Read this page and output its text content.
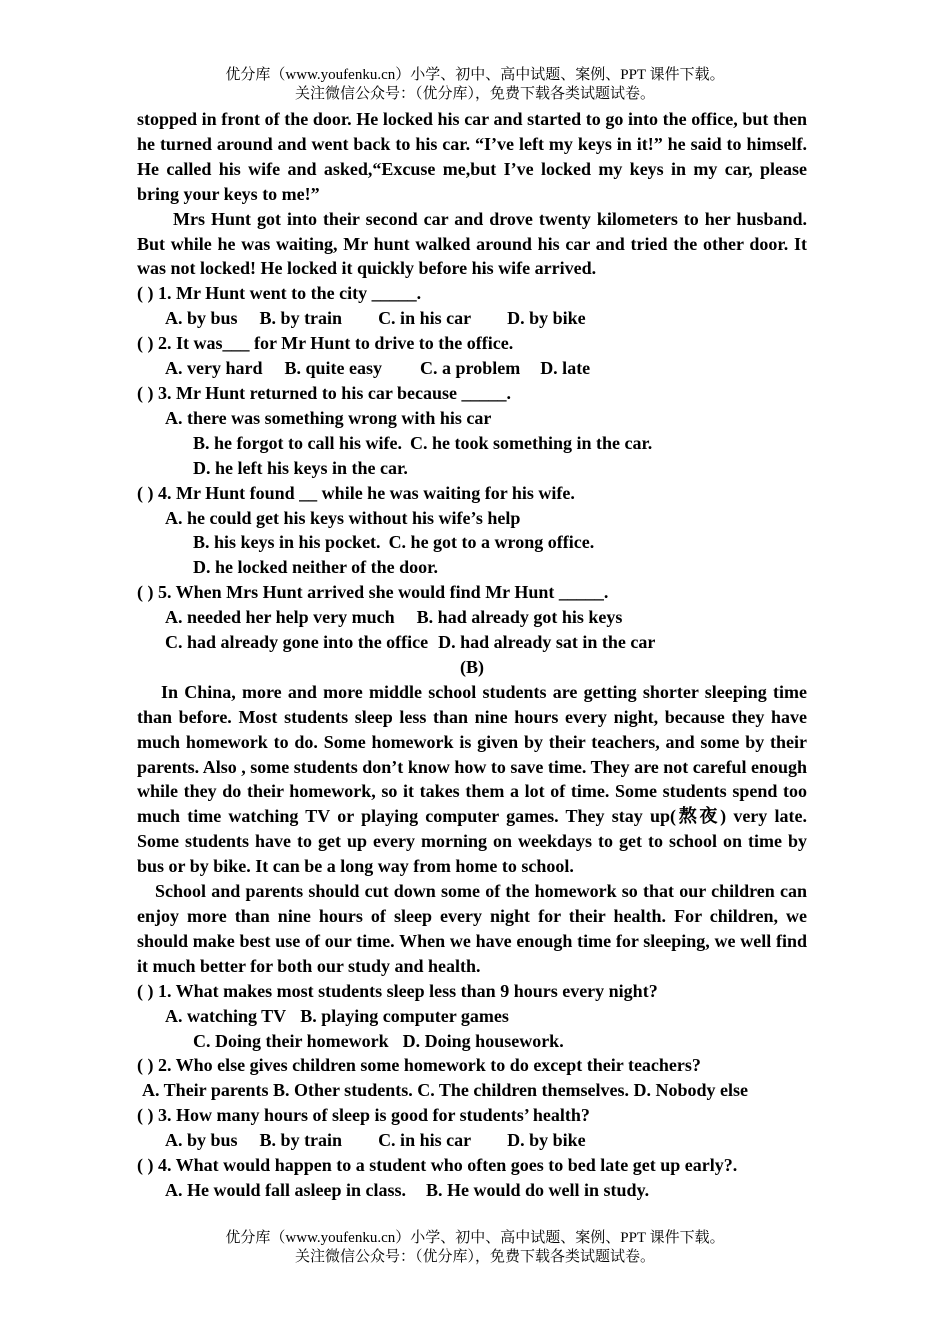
优分库（www.youfenku.cn）小学、初中、高中试题、案例、PPT 课件下载。
关注微信公众号：（优分库），免费下载各类试题试卷。

stopped in front of the door. He locked his car and started to go into the office, but then he turned around and went back to his car. “I’ve left my keys in it!” he said to himself. He called his wife and asked,“Excuse me,but I’ve locked my keys in my car, please bring your keys to me!”

Mrs Hunt got into their second car and drove twenty kilometers to her husband. But while he was waiting, Mr hunt walked around his car and tried the other door. It was not locked! He locked it quickly before his wife arrived.

( ) 1. Mr Hunt went to the city _____.

A. by bus B. by train C. in his car D. by bike

( ) 2. It was___ for Mr Hunt to drive to the office.

A. very hard B. quite easy C. a problem D. late

( ) 3. Mr Hunt returned to his car because _____.

A. there was something wrong with his car

B. he forgot to call his wife. C. he took something in the car.

D. he left his keys in the car.

( ) 4. Mr Hunt found __ while he was waiting for his wife.

A. he could get his keys without his wife’s help

B. his keys in his pocket. C. he got to a wrong office.

D. he locked neither of the door.

( ) 5. When Mrs Hunt arrived she would find Mr Hunt _____.

A. needed her help very much B. had already got his keys

C. had already gone into the office D. had already sat in the car

(B)

In China, more and more middle school students are getting shorter sleeping time than before. Most students sleep less than nine hours every night, because they have much homework to do. Some homework is given by their teachers, and some by their parents. Also , some students don’t know how to save time. They are not careful enough while they do their homework, so it takes them a lot of time. Some students spend too much time watching TV or playing computer games. They stay up(熬夜) very late. Some students have to get up every morning on weekdays to get to school on time by bus or by bike. It can be a long way from home to school.

School and parents should cut down some of the homework so that our children can enjoy more than nine hours of sleep every night for their health. For children, we should make best use of our time. When we have enough time for sleeping, we well find it much better for both our study and health.

( ) 1. What makes most students sleep less than 9 hours every night?

A. watching TV B. playing computer games

C. Doing their homework D. Doing housework.

( ) 2. Who else gives children some homework to do except their teachers?

A. Their parents B. Other students. C. The children themselves. D. Nobody else

( ) 3. How many hours of sleep is good for students’ health?

A. by bus B. by train C. in his car D. by bike

( ) 4. What would happen to a student who often goes to bed late get up early?.

A. He would fall asleep in class. B. He would do well in study.

优分库（www.youfenku.cn）小学、初中、高中试题、案例、PPT 课件下载。
关注微信公众号：（优分库），免费下载各类试题试卷。
